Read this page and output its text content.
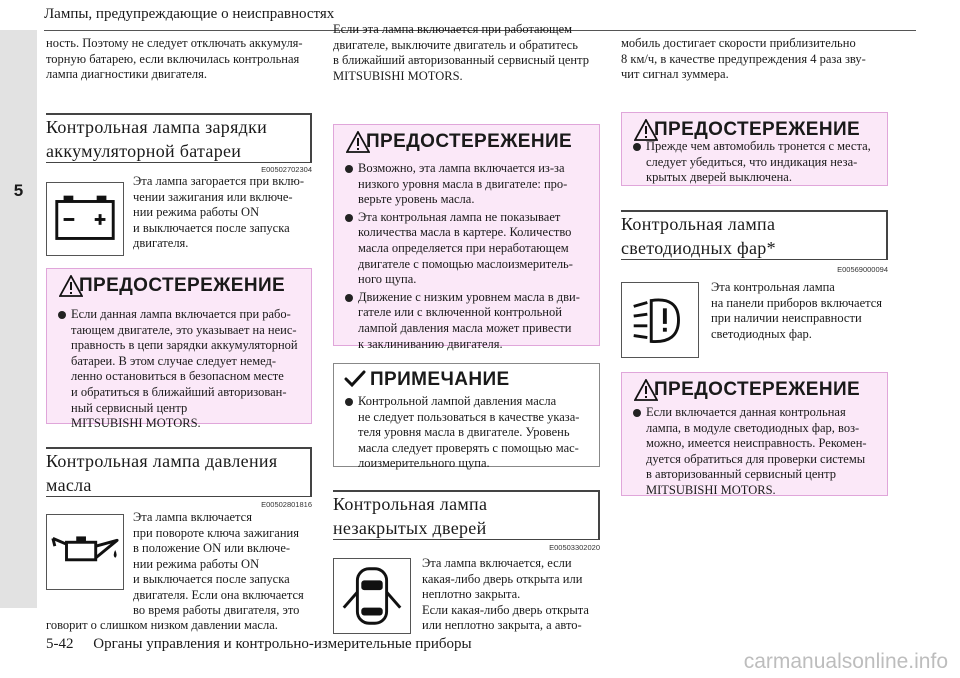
Лампы, предупреждающие о неисправностях
5
ность. Поэтому не следует отключать аккумуля-
торную батарею, если включилась контрольная
лампа диагностики двигателя.
Контрольная лампа зарядки
аккумуляторной батареи
E00502702304
Эта лампа загорается при вклю-
чении зажигания или включе-
нии режима работы ON
и выключается после запуска
двигателя.
ПРЕДОСТЕРЕЖЕНИЕ
Если данная лампа включается при рабо-
тающем двигателе, это указывает на неис-
правность в цепи зарядки аккумуляторной
батареи. В этом случае следует немед-
ленно остановиться в безопасном месте
и обратиться в ближайший авторизован-
ный сервисный центр
MITSUBISHI MOTORS.
Контрольная лампа давления
масла
E00502801816
Эта лампа включается
при повороте ключа зажигания
в положение ON или включе-
нии режима работы ON
и выключается после запуска
двигателя. Если она включается
во время работы двигателя, это
говорит о слишком низком давлении масла.
Если эта лампа включается при работающем
двигателе, выключите двигатель и обратитесь
в ближайший авторизованный сервисный центр
MITSUBISHI MOTORS.
ПРЕДОСТЕРЕЖЕНИЕ
Возможно, эта лампа включается из-за
низкого уровня масла в двигателе: про-
верьте уровень масла.
Эта контрольная лампа не показывает
количества масла в картере. Количество
масла определяется при неработающем
двигателе с помощью маслоизмеритель-
ного щупа.
Движение с низким уровнем масла в дви-
гателе или с включенной контрольной
лампой давления масла может привести
к заклиниванию двигателя.
ПРИМЕЧАНИЕ
Контрольной лампой давления масла
не следует пользоваться в качестве указа-
теля уровня масла в двигателе. Уровень
масла следует проверять с помощью мас-
лоизмерительного щупа.
Контрольная лампа
незакрытых дверей
E00503302020
Эта лампа включается, если
какая-либо дверь открыта или
неплотно закрыта.
Если какая-либо дверь открыта
или неплотно закрыта, а авто-
мобиль достигает скорости приблизительно
8 км/ч, в качестве предупреждения 4 раза зву-
чит сигнал зуммера.
ПРЕДОСТЕРЕЖЕНИЕ
Прежде чем автомобиль тронется с места,
следует убедиться, что индикация неза-
крытых дверей выключена.
Контрольная лампа
светодиодных фар*
E00569000094
Эта контрольная лампа
на панели приборов включается
при наличии неисправности
светодиодных фар.
ПРЕДОСТЕРЕЖЕНИЕ
Если включается данная контрольная
лампа, в модуле светодиодных фар, воз-
можно, имеется неисправность. Рекомен-
дуется обратиться для проверки системы
в авторизованный сервисный центр
MITSUBISHI MOTORS.
5-42 Органы управления и контрольно-измерительные приборы
carmanualsonline.info
